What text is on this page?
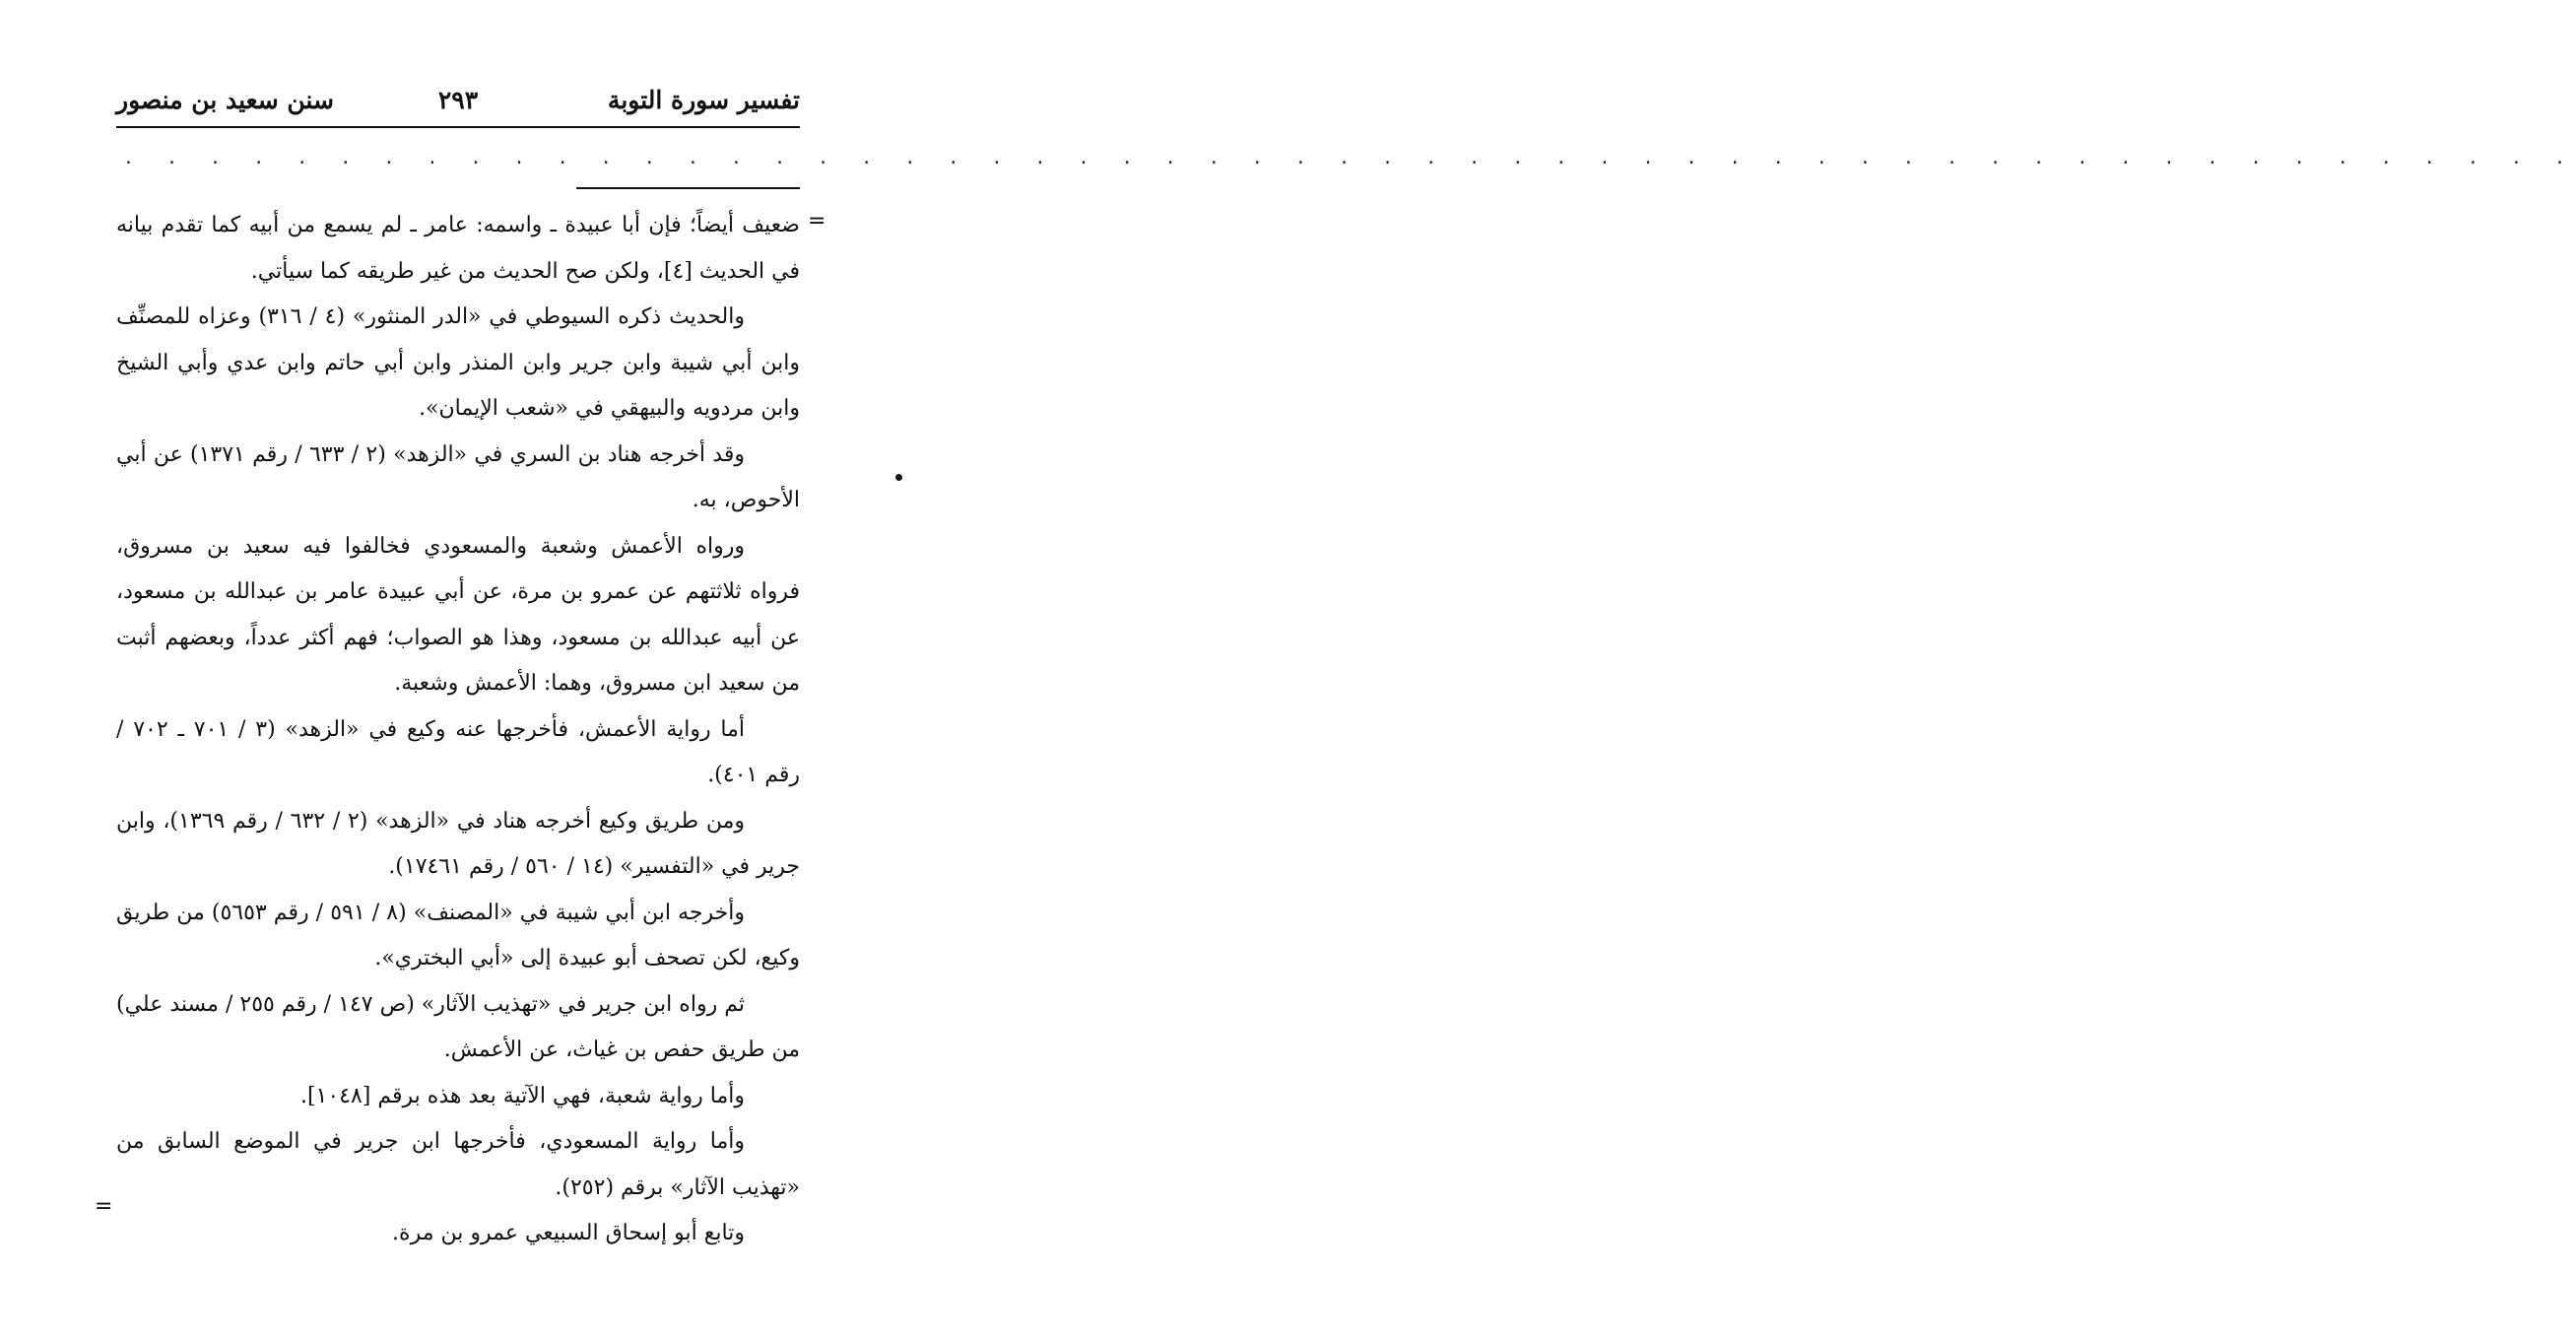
تفسير سورة التوبة
٢٩٣
سنن سعيد بن منصور
. . . . . . . . . . . . . . . . . . . . . . . . . . . . . . . . . . . . . . . . . . . . . . . . . . . . . . . . .
=

ضعيف أيضاً؛ فإن أبا عبيدة ـ واسمه: عامر ـ لم يسمع من أبيه كما تقدم بيانه في الحديث [٤]، ولكن صح الحديث من غير طريقه كما سيأتي.

والحديث ذكره السيوطي في «الدر المنثور» (٤ / ٣١٦) وعزاه للمصنِّف وابن أبي شيبة وابن جرير وابن المنذر وابن أبي حاتم وابن عدي وأبي الشيخ وابن مردويه والبيهقي في «شعب الإيمان».

وقد أخرجه هناد بن السري في «الزهد» (٢ / ٦٣٣ / رقم ١٣٧١) عن أبي الأحوص، به.

ورواه الأعمش وشعبة والمسعودي فخالفوا فيه سعيد بن مسروق، فرواه ثلاثتهم عن عمرو بن مرة، عن أبي عبيدة عامر بن عبدالله بن مسعود، عن أبيه عبدالله بن مسعود، وهذا هو الصواب؛ فهم أكثر عدداً، وبعضهم أثبت من سعيد ابن مسروق، وهما: الأعمش وشعبة.

أما رواية الأعمش، فأخرجها عنه وكيع في «الزهد» (٣ / ٧٠١ ـ ٧٠٢ / رقم ٤٠١).

ومن طريق وكيع أخرجه هناد في «الزهد» (٢ / ٦٣٢ / رقم ١٣٦٩)، وابن جرير في «التفسير» (١٤ / ٥٦٠ / رقم ١٧٤٦١).

وأخرجه ابن أبي شيبة في «المصنف» (٨ / ٥٩١ / رقم ٥٦٥٣) من طريق وكيع، لكن تصحف أبو عبيدة إلى «أبي البختري».

ثم رواه ابن جرير في «تهذيب الآثار» (ص ١٤٧ / رقم ٢٥٥ / مسند علي) من طريق حفص بن غياث، عن الأعمش.

وأما رواية شعبة، فهي الآتية بعد هذه برقم [١٠٤٨].

وأما رواية المسعودي، فأخرجها ابن جرير في الموضع السابق من «تهذيب الآثار» برقم (٢٥٢).

وتابع أبو إسحاق السبيعي عمرو بن مرة.

=
